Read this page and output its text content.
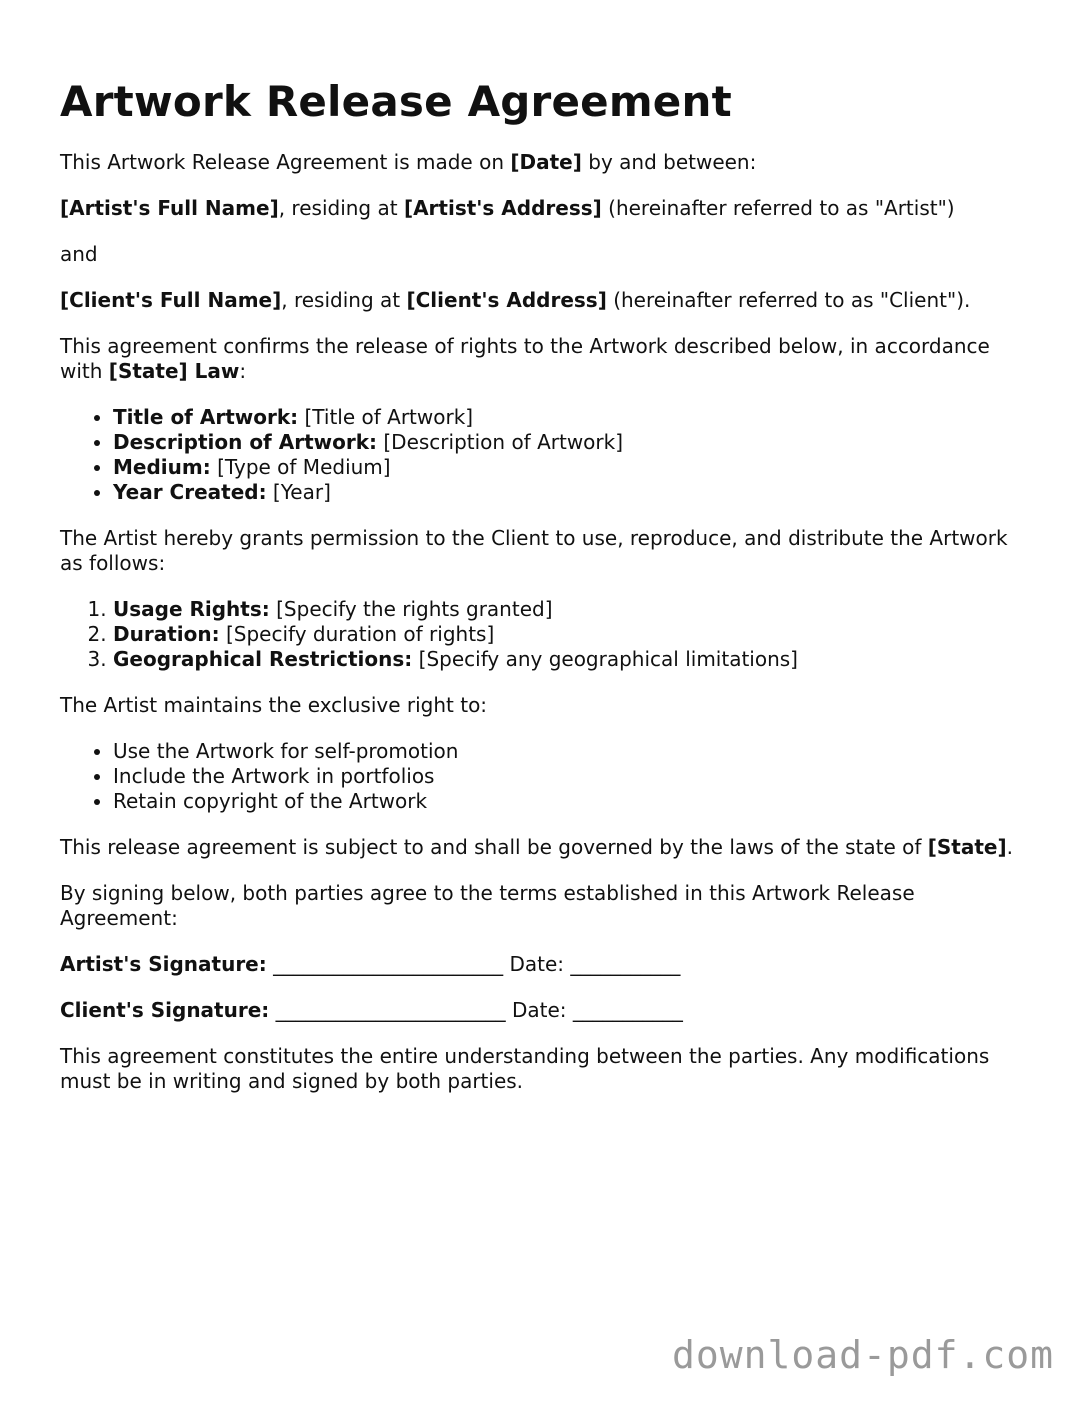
Artwork Release Agreement

This Artwork Release Agreement is made on [Date] by and between:

[Artist's Full Name], residing at [Artist's Address] (hereinafter referred to as "Artist")

and

[Client's Full Name], residing at [Client's Address] (hereinafter referred to as "Client").

This agreement confirms the release of rights to the Artwork described below, in accordance with [State] Law:

• Title of Artwork: [Title of Artwork]
• Description of Artwork: [Description of Artwork]
• Medium: [Type of Medium]
• Year Created: [Year]

The Artist hereby grants permission to the Client to use, reproduce, and distribute the Artwork as follows:

1. Usage Rights: [Specify the rights granted]
2. Duration: [Specify duration of rights]
3. Geographical Restrictions: [Specify any geographical limitations]

The Artist maintains the exclusive right to:

• Use the Artwork for self-promotion
• Include the Artwork in portfolios
• Retain copyright of the Artwork

This release agreement is subject to and shall be governed by the laws of the state of [State].

By signing below, both parties agree to the terms established in this Artwork Release Agreement:

Artist's Signature: _______________________ Date: ___________

Client's Signature: _______________________ Date: ___________

This agreement constitutes the entire understanding between the parties. Any modifications must be in writing and signed by both parties.

download-pdf.com
